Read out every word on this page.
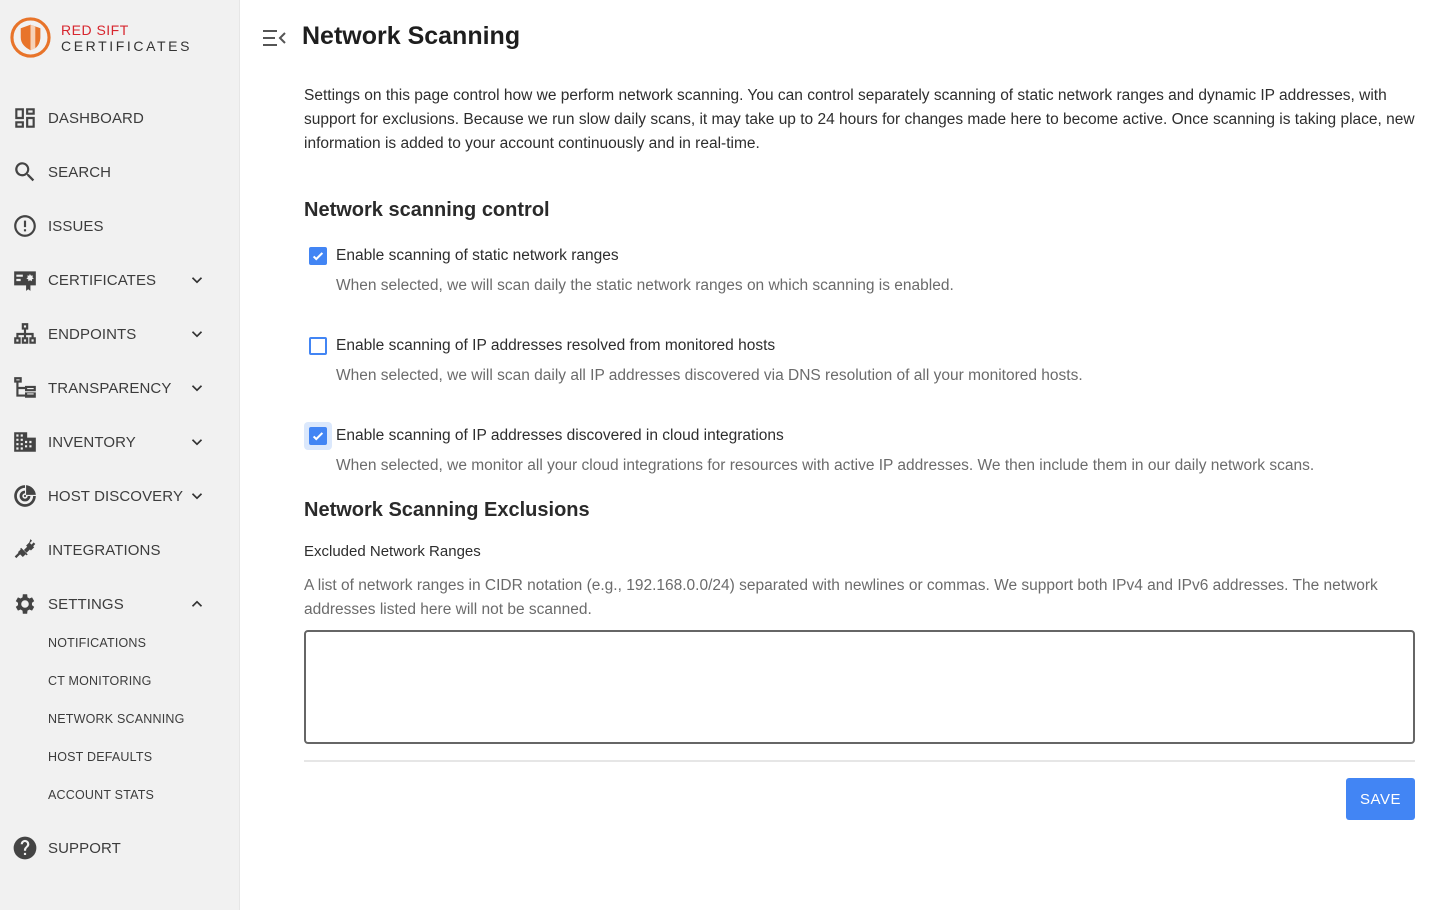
RED SIFT
CERTIFICATES
DASHBOARD
SEARCH
ISSUES
CERTIFICATES
ENDPOINTS
TRANSPARENCY
INVENTORY
HOST DISCOVERY
INTEGRATIONS
SETTINGS
NOTIFICATIONS
CT MONITORING
NETWORK SCANNING
HOST DEFAULTS
ACCOUNT STATS
SUPPORT
Network Scanning

Settings on this page control how we perform network scanning. You can control separately scanning of static network ranges and dynamic IP addresses, with support for exclusions. Because we run slow daily scans, it may take up to 24 hours for changes made here to become active. Once scanning is taking place, new information is added to your account continuously and in real-time.

Network scanning control
Enable scanning of static network ranges
When selected, we will scan daily the static network ranges on which scanning is enabled.
Enable scanning of IP addresses resolved from monitored hosts
When selected, we will scan daily all IP addresses discovered via DNS resolution of all your monitored hosts.
Enable scanning of IP addresses discovered in cloud integrations
When selected, we monitor all your cloud integrations for resources with active IP addresses. We then include them in our daily network scans.
Network Scanning Exclusions
Excluded Network Ranges

A list of network ranges in CIDR notation (e.g., 192.168.0.0/24) separated with newlines or commas. We support both IPv4 and IPv6 addresses. The network addresses listed here will not be scanned.

SAVE
